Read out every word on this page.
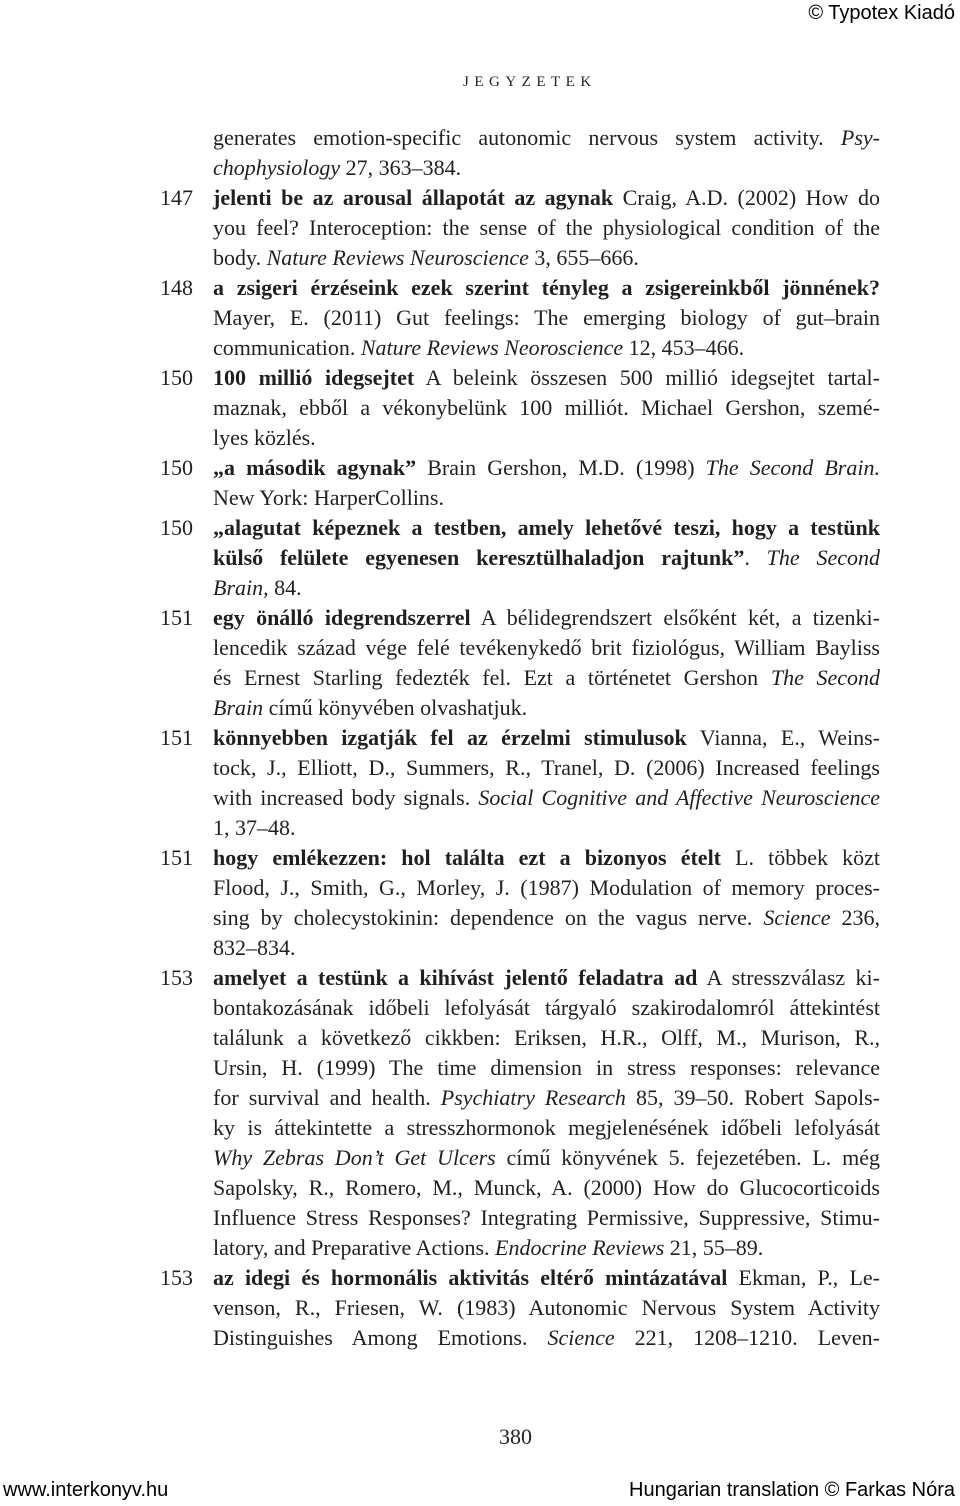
© Typotex Kiadó
JEGYZETEK
generates emotion-specific autonomic nervous system activity. Psy-
chophysiology 27, 363–384.
147 jelenti be az arousal állapotát az agynak Craig, A.D. (2002) How do
you feel? Interoception: the sense of the physiological condition of the
body. Nature Reviews Neuroscience 3, 655–666.
148 a zsigeri érzéseink ezek szerint tényleg a zsigereinkből jönnének?
Mayer, E. (2011) Gut feelings: The emerging biology of gut–brain
communication. Nature Reviews Neoroscience 12, 453–466.
150 100 millió idegsejtet A beleink összesen 500 millió idegsejtet tartal-
maznak, ebből a vékonybelünk 100 milliót. Michael Gershon, szemé-
lyes közlés.
150 „a második agynak” Brain Gershon, M.D. (1998) The Second Brain.
New York: HarperCollins.
150 „alagutat képeznek a testben, amely lehetővé teszi, hogy a testünk
külső felülete egyenesen keresztülhaladjon rajtunk”. The Second
Brain, 84.
151 egy önálló idegrendszerrel A bélidegrendszert elsőként két, a tizenki-
lencedik század vége felé tevékenykedő brit fiziológus, William Bayliss
és Ernest Starling fedezték fel. Ezt a történetet Gershon The Second
Brain című könyvében olvashatjuk.
151 könnyebben izgatják fel az érzelmi stimulusok Vianna, E., Weins-
tock, J., Elliott, D., Summers, R., Tranel, D. (2006) Increased feelings
with increased body signals. Social Cognitive and Affective Neuroscience
1, 37–48.
151 hogy emlékezzen: hol találta ezt a bizonyos ételt L. többek közt
Flood, J., Smith, G., Morley, J. (1987) Modulation of memory proces-
sing by cholecystokinin: dependence on the vagus nerve. Science 236,
832–834.
153 amelyet a testünk a kihívást jelentő feladatra ad A stresszválasz ki-
bontakozásának időbeli lefolyását tárgyaló szakirodalomról áttekintést
találunk a következő cikkben: Eriksen, H.R., Olff, M., Murison, R.,
Ursin, H. (1999) The time dimension in stress responses: relevance
for survival and health. Psychiatry Research 85, 39–50. Robert Sapols-
ky is áttekintette a stresszhormonok megjelenésének időbeli lefolyását
Why Zebras Don’t Get Ulcers című könyvének 5. fejezetében. L. még
Sapolsky, R., Romero, M., Munck, A. (2000) How do Glucocorticoids
Influence Stress Responses? Integrating Permissive, Suppressive, Stimu-
latory, and Preparative Actions. Endocrine Reviews 21, 55–89.
153 az idegi és hormonális aktivitás eltérő mintázatával Ekman, P., Le-
venson, R., Friesen, W. (1983) Autonomic Nervous System Activity
Distinguishes Among Emotions. Science 221, 1208–1210. Leven-
380
www.interkonyv.hu	Hungarian translation © Farkas Nóra
